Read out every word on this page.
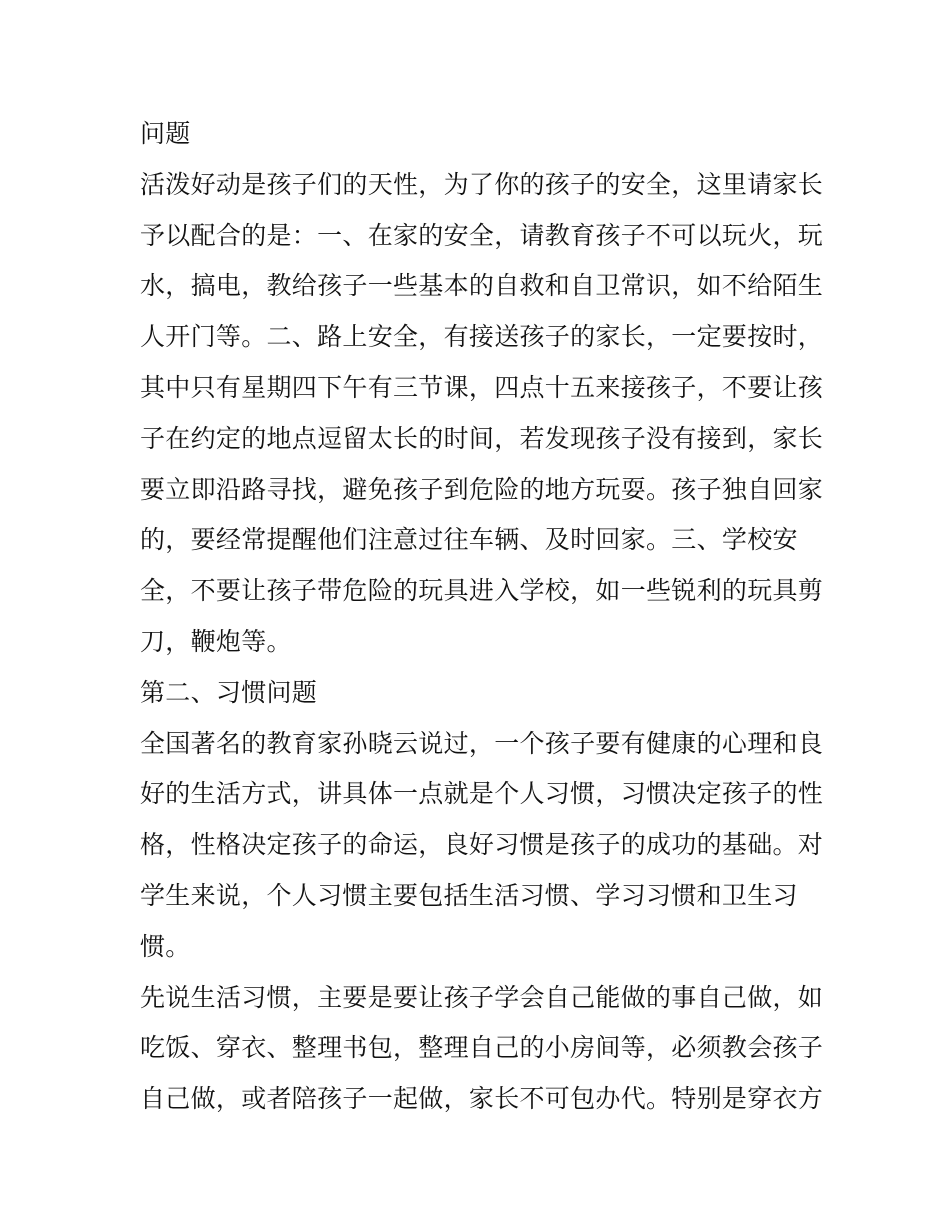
问题
活泼好动是孩子们的天性，为了你的孩子的安全，这里请家长
予以配合的是：一、在家的安全，请教育孩子不可以玩火，玩
水，搞电，教给孩子一些基本的自救和自卫常识，如不给陌生
人开门等。二、路上安全，有接送孩子的家长，一定要按时，
其中只有星期四下午有三节课，四点十五来接孩子，不要让孩
子在约定的地点逗留太长的时间，若发现孩子没有接到，家长
要立即沿路寻找，避免孩子到危险的地方玩耍。孩子独自回家
的，要经常提醒他们注意过往车辆、及时回家。三、学校安
全，不要让孩子带危险的玩具进入学校，如一些锐利的玩具剪
刀，鞭炮等。
第二、习惯问题
全国著名的教育家孙晓云说过，一个孩子要有健康的心理和良
好的生活方式，讲具体一点就是个人习惯，习惯决定孩子的性
格，性格决定孩子的命运，良好习惯是孩子的成功的基础。对
学生来说，个人习惯主要包括生活习惯、学习习惯和卫生习
惯。
先说生活习惯，主要是要让孩子学会自己能做的事自己做，如
吃饭、穿衣、整理书包，整理自己的小房间等，必须教会孩子
自己做，或者陪孩子一起做，家长不可包办代。特别是穿衣方
